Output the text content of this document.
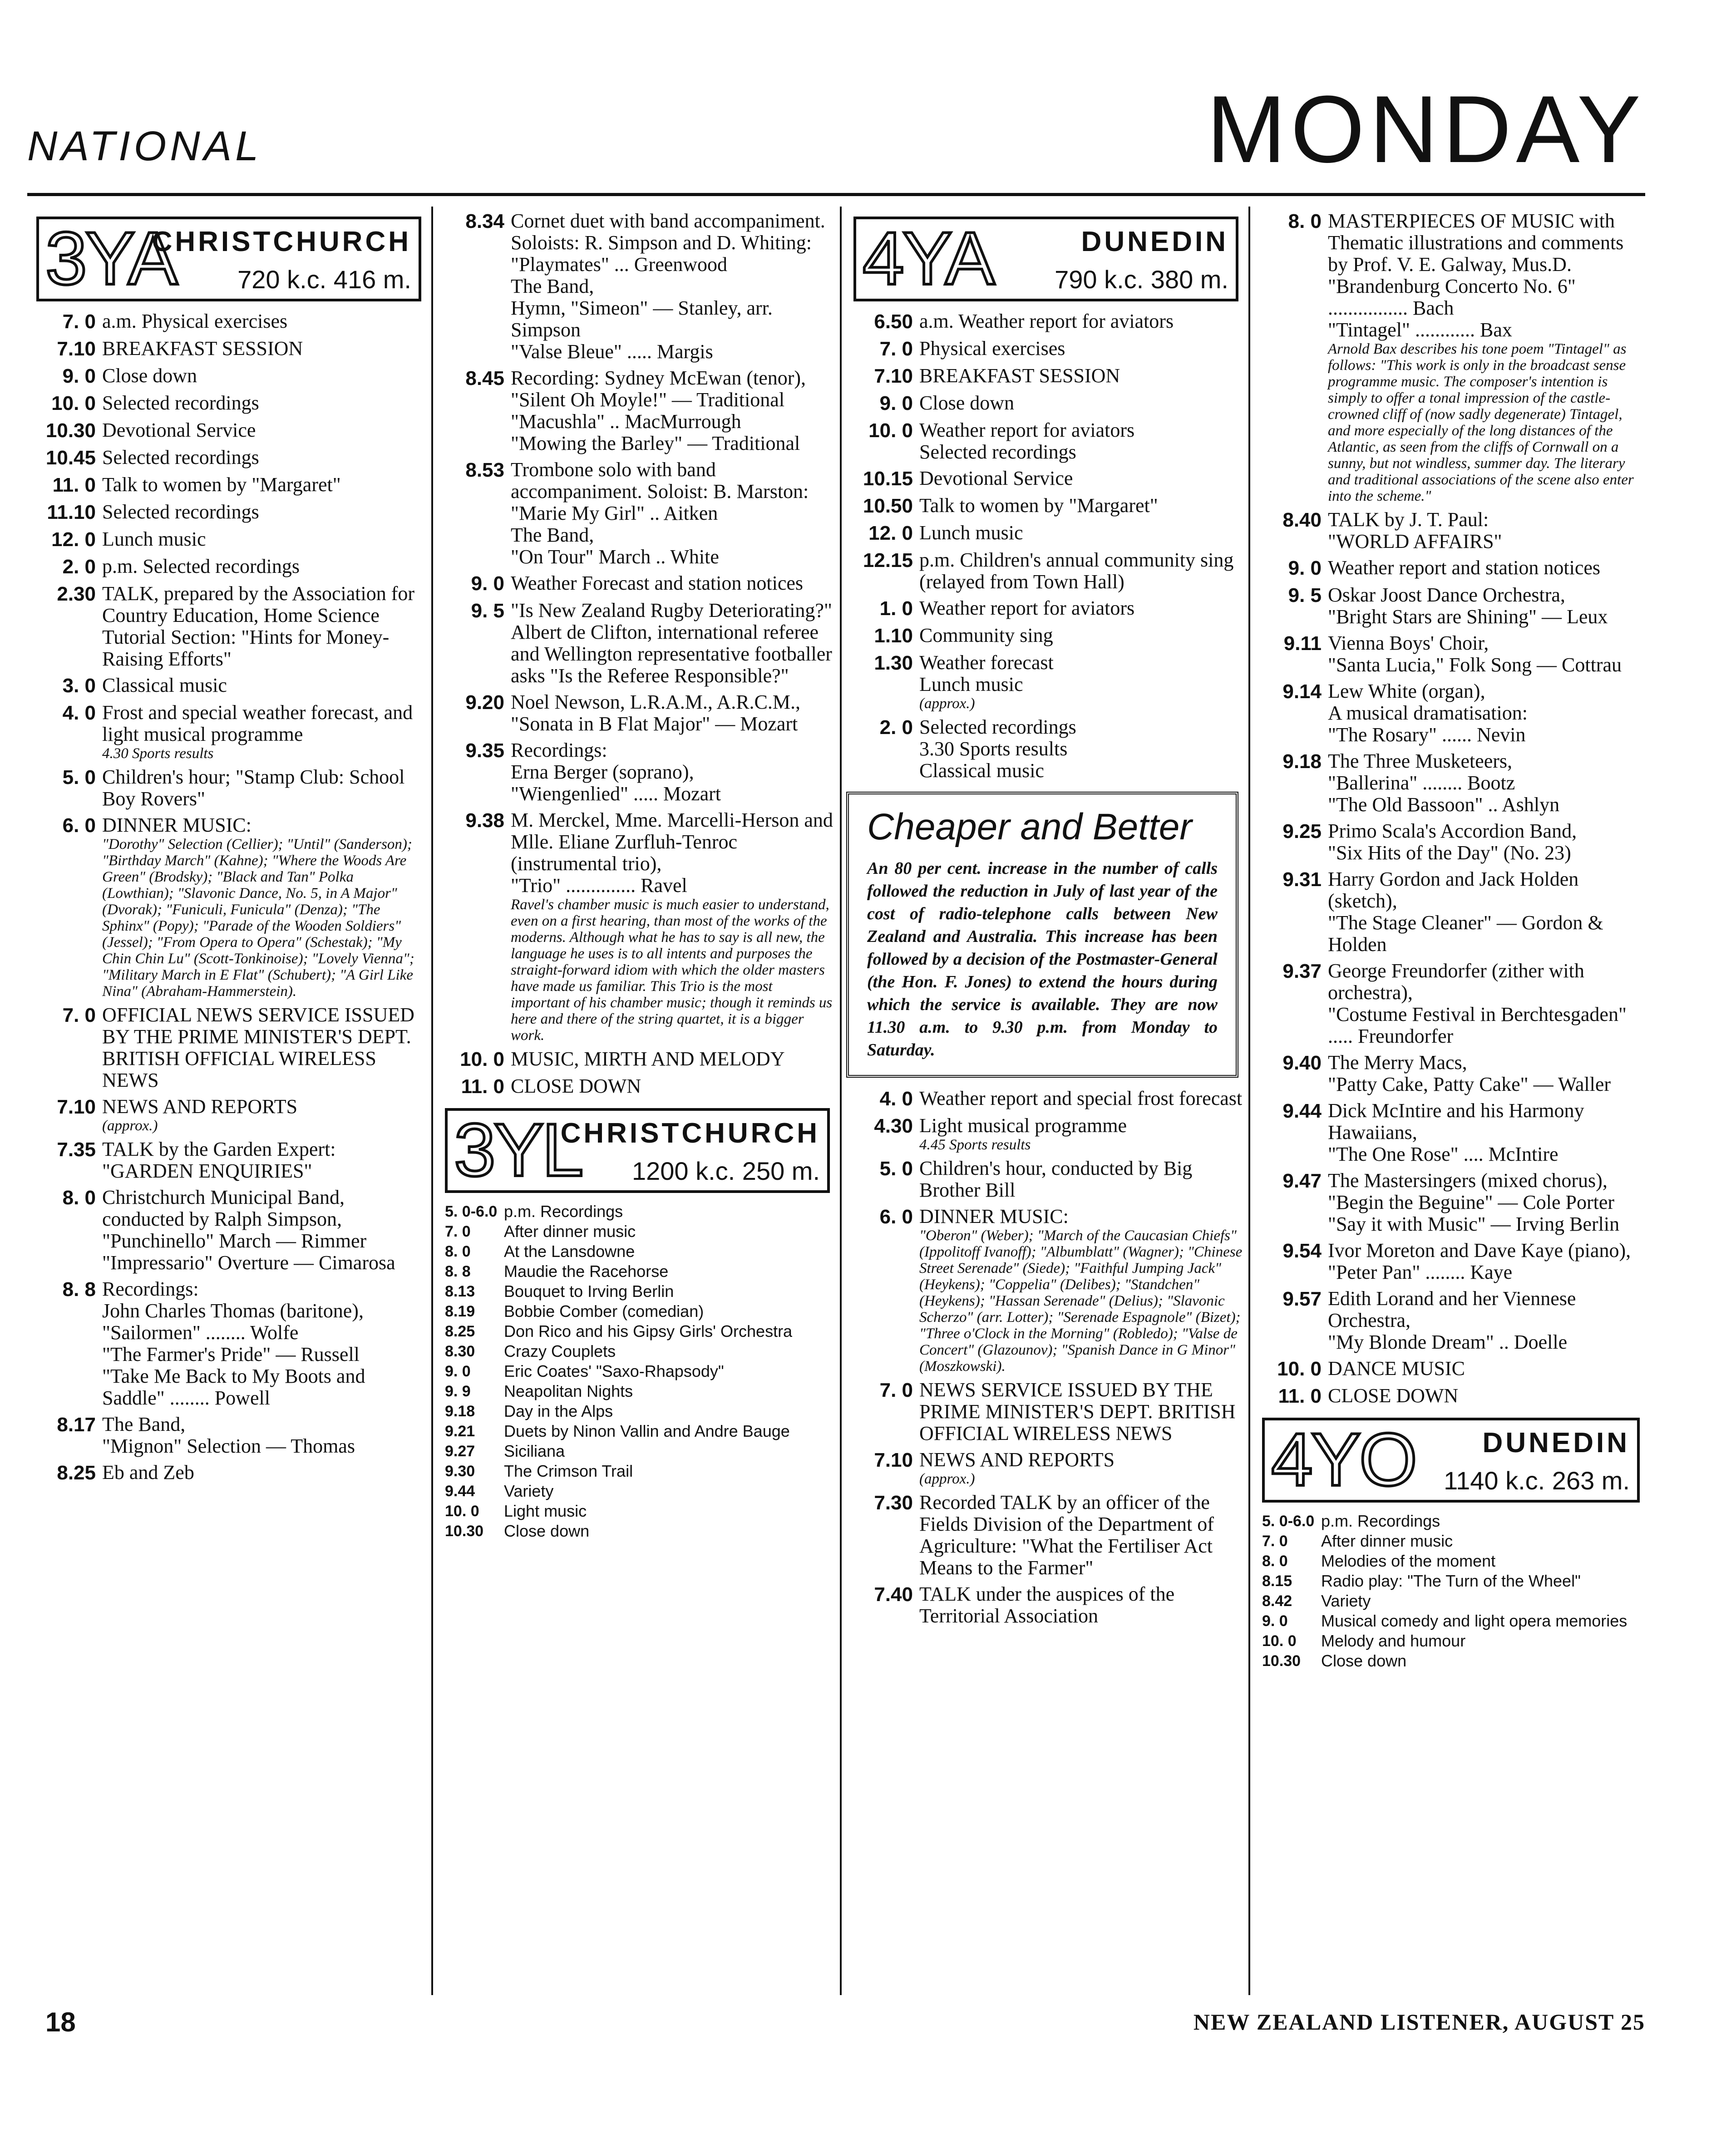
NATIONAL	MONDAY
3YA
CHRISTCHURCH
720 k.c. 416 m.
7. 0 a.m. Physical exercises
7.10 BREAKFAST SESSION
9. 0 Close down
10. 0 Selected recordings
10.30 Devotional Service
10.45 Selected recordings
11. 0 Talk to women by "Margaret"
11.10 Selected recordings
12. 0 Lunch music
2. 0 p.m. Selected recordings
2.30 TALK, prepared by the Association for Country Education, Home Science Tutorial Section: "Hints for Money-Raising Efforts"
3. 0 Classical music
4. 0 Frost and special weather forecast, and light musical programme
4.30 Sports results
5. 0 Children's hour; "Stamp Club: School Boy Rovers"
6. 0 DINNER MUSIC:
"Dorothy" Selection (Cellier); "Until" (Sanderson); "Birthday March" (Kahne); "Where the Woods Are Green" (Brodsky); "Black and Tan" Polka (Lowthian); "Slavonic Dance, No. 5, in A Major" (Dvorak); "Funiculi, Funicula" (Denza); "The Sphinx" (Popy); "Parade of the Wooden Soldiers" (Jessel); "From Opera to Opera" (Schestak); "My Chin Chin Lu" (Scott-Tonkinoise); "Lovely Vienna"; "Military March in E Flat" (Schubert); "A Girl Like Nina" (Abraham-Hammerstein).
7. 0 OFFICIAL NEWS SERVICE ISSUED BY THE PRIME MINISTER'S DEPT. BRITISH OFFICIAL WIRELESS NEWS
7.10 NEWS AND REPORTS
(approx.)
7.35 TALK by the Garden Expert: "GARDEN ENQUIRIES"
8. 0 Christchurch Municipal Band, conducted by Ralph Simpson,
"Punchinello" March — Rimmer
"Impressario" Overture — Cimarosa
8. 8 Recordings:
John Charles Thomas (baritone),
"Sailormen" ........ Wolfe
"The Farmer's Pride" — Russell
"Take Me Back to My Boots and Saddle" ........ Powell
8.17 The Band,
"Mignon" Selection — Thomas
8.25 Eb and Zeb
8.34 Cornet duet with band accompaniment. Soloists: R. Simpson and D. Whiting:
"Playmates" ... Greenwood
The Band,
Hymn, "Simeon" — Stanley, arr. Simpson
"Valse Bleue" ..... Margis
8.45 Recording: Sydney McEwan (tenor),
"Silent Oh Moyle!" — Traditional
"Macushla" .. MacMurrough
"Mowing the Barley" — Traditional
8.53 Trombone solo with band accompaniment. Soloist: B. Marston:
"Marie My Girl" .. Aitken
The Band,
"On Tour" March .. White
9. 0 Weather Forecast and station notices
9. 5 "Is New Zealand Rugby Deteriorating?" Albert de Clifton, international referee and Wellington representative footballer asks "Is the Referee Responsible?"
9.20 Noel Newson, L.R.A.M., A.R.C.M.,
"Sonata in B Flat Major" — Mozart
9.35 Recordings:
Erna Berger (soprano),
"Wiengenlied" ..... Mozart
9.38 M. Merckel, Mme. Marcelli-Herson and Mlle. Eliane Zurfluh-Tenroc (instrumental trio),
"Trio" .............. Ravel
Ravel's chamber music is much easier to understand, even on a first hearing, than most of the works of the moderns. Although what he has to say is all new, the language he uses is to all intents and purposes the straight-forward idiom with which the older masters have made us familiar. This Trio is the most important of his chamber music; though it reminds us here and there of the string quartet, it is a bigger work.
10. 0 MUSIC, MIRTH AND MELODY
11. 0 CLOSE DOWN
3YL
CHRISTCHURCH
1200 k.c. 250 m.
5. 0-6.0 p.m. Recordings
7. 0	After dinner music
8. 0	At the Lansdowne
8. 8	Maudie the Racehorse
8.13	Bouquet to Irving Berlin
8.19	Bobbie Comber (comedian)
8.25	Don Rico and his Gipsy Girls' Orchestra
8.30	Crazy Couplets
9. 0	Eric Coates' "Saxo-Rhapsody"
9. 9	Neapolitan Nights
9.18	Day in the Alps
9.21	Duets by Ninon Vallin and Andre Bauge
9.27	Siciliana
9.30	The Crimson Trail
9.44	Variety
10. 0	Light music
10.30	Close down
4YA	DUNEDIN
790 k.c. 380 m.
6.50 a.m. Weather report for aviators
7. 0 Physical exercises
7.10 BREAKFAST SESSION
9. 0 Close down
10. 0 Weather report for aviators
Selected recordings
10.15 Devotional Service
10.50 Talk to women by "Margaret"
12. 0 Lunch music
12.15 p.m. Children's annual community sing (relayed from Town Hall)
1. 0 Weather report for aviators
1.10 Community sing
1.30 Weather forecast
Lunch music
(approx.)
2. 0 Selected recordings
3.30 Sports results
Classical music
Cheaper and Better
An 80 per cent. increase in the number of calls followed the reduction in July of last year of the cost of radio-telephone calls between New Zealand and Australia. This increase has been followed by a decision of the Postmaster-General (the Hon. F. Jones) to extend the hours during which the service is available. They are now 11.30 a.m. to 9.30 p.m. from Monday to Saturday.
4. 0 Weather report and special frost forecast
4.30 Light musical programme
4.45 Sports results
5. 0 Children's hour, conducted by Big Brother Bill
6. 0 DINNER MUSIC:
"Oberon" (Weber); "March of the Caucasian Chiefs" (Ippolitoff Ivanoff); "Albumblatt" (Wagner); "Chinese Street Serenade" (Siede); "Faithful Jumping Jack" (Heykens); "Coppelia" (Delibes); "Standchen" (Heykens); "Hassan Serenade" (Delius); "Slavonic Scherzo" (arr. Lotter); "Serenade Espagnole" (Bizet); "Three o'Clock in the Morning" (Robledo); "Valse de Concert" (Glazounov); "Spanish Dance in G Minor" (Moszkowski).
7. 0 NEWS SERVICE ISSUED BY THE PRIME MINISTER'S DEPT. BRITISH OFFICIAL WIRELESS NEWS
7.10 NEWS AND REPORTS
(approx.)
7.30 Recorded TALK by an officer of the Fields Division of the Department of Agriculture: "What the Fertiliser Act Means to the Farmer"
7.40 TALK under the auspices of the Territorial Association
8. 0 MASTERPIECES OF MUSIC with Thematic illustrations and comments by Prof. V. E. Galway, Mus.D.
"Brandenburg Concerto No. 6" ................ Bach
"Tintagel" ............ Bax
Arnold Bax describes his tone poem "Tintagel" as follows: "This work is only in the broadcast sense programme music. The composer's intention is simply to offer a tonal impression of the castle-crowned cliff of (now sadly degenerate) Tintagel, and more especially of the long distances of the Atlantic, as seen from the cliffs of Cornwall on a sunny, but not windless, summer day. The literary and traditional associations of the scene also enter into the scheme."
8.40 TALK by J. T. Paul:
"WORLD AFFAIRS"
9. 0 Weather report and station notices
9. 5 Oskar Joost Dance Orchestra,
"Bright Stars are Shining" — Leux
9.11 Vienna Boys' Choir,
"Santa Lucia," Folk Song — Cottrau
9.14 Lew White (organ),
A musical dramatisation:
"The Rosary" ...... Nevin
9.18 The Three Musketeers,
"Ballerina" ........ Bootz
"The Old Bassoon" .. Ashlyn
9.25 Primo Scala's Accordion Band,
"Six Hits of the Day" (No. 23)
9.31 Harry Gordon and Jack Holden (sketch),
"The Stage Cleaner" — Gordon & Holden
9.37 George Freundorfer (zither with orchestra),
"Costume Festival in Berchtesgaden" ..... Freundorfer
9.40 The Merry Macs,
"Patty Cake, Patty Cake" — Waller
9.44 Dick McIntire and his Harmony Hawaiians,
"The One Rose" .... McIntire
9.47 The Mastersingers (mixed chorus),
"Begin the Beguine" — Cole Porter
"Say it with Music" — Irving Berlin
9.54 Ivor Moreton and Dave Kaye (piano),
"Peter Pan" ........ Kaye
9.57 Edith Lorand and her Viennese Orchestra,
"My Blonde Dream" .. Doelle
10. 0 DANCE MUSIC
11. 0 CLOSE DOWN
4YO DUNEDIN
1140 k.c. 263 m.
5. 0-6.0 p.m. Recordings
7. 0	After dinner music
8. 0	Melodies of the moment
8.15	Radio play: "The Turn of the Wheel"
8.42	Variety
9. 0	Musical comedy and light opera memories
10. 0	Melody and humour
10.30	Close down
18	NEW ZEALAND LISTENER, AUGUST 25
